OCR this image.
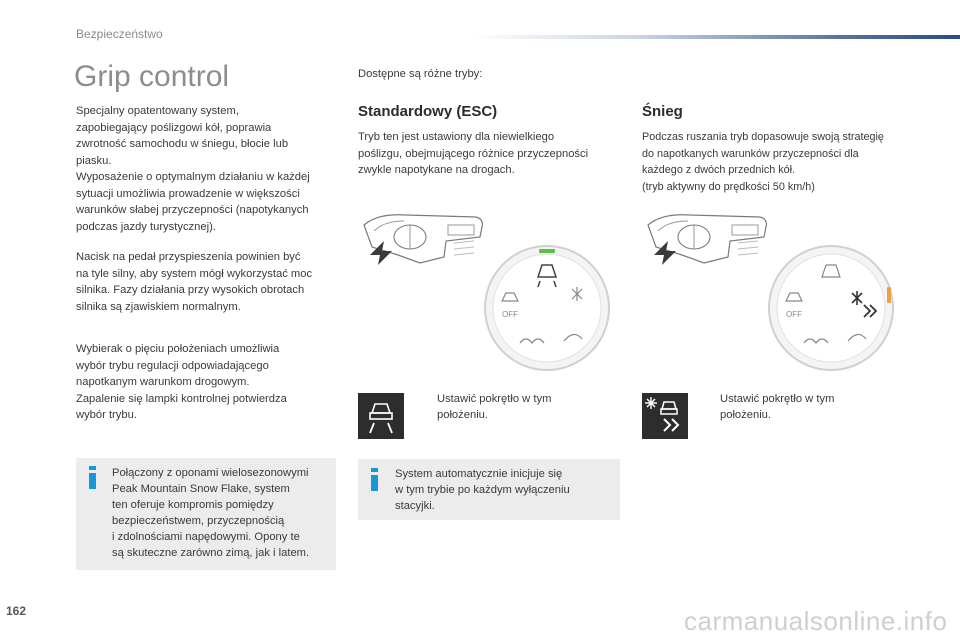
Bezpieczeństwo
Grip control

Specjalny opatentowany system,

zapobiegający poślizgowi kół, poprawia

zwrotność samochodu w śniegu, błocie lub

piasku.

Wyposażenie o optymalnym działaniu w każdej

sytuacji umożliwia prowadzenie w większości

warunków słabej przyczepności (napotykanych

podczas jazdy turystycznej).

Nacisk na pedał przyspieszenia powinien być

na tyle silny, aby system mógł wykorzystać moc

silnika. Fazy działania przy wysokich obrotach

silnika są zjawiskiem normalnym.

Wybierak o pięciu położeniach umożliwia

wybór trybu regulacji odpowiadającego

napotkanym warunkom drogowym.

Zapalenie się lampki kontrolnej potwierdza

wybór trybu.

Połączony z oponami wielosezonowymi
Peak Mountain Snow Flake, system
ten oferuje kompromis pomiędzy
bezpieczeństwem, przyczepnością
i zdolnościami napędowymi. Opony te
są skuteczne zarówno zimą, jak i latem.
Dostępne są różne tryby:
Standardowy (ESC)

Tryb ten jest ustawiony dla niewielkiego

poślizgu, obejmującego różnice przyczepności

zwykle napotykane na drogach.

OFF
Ustawić pokrętło w tym
położeniu.
System automatycznie inicjuje się
w tym trybie po każdym wyłączeniu
stacyjki.
Śnieg

Podczas ruszania tryb dopasowuje swoją strategię

do napotkanych warunków przyczepności dla

każdego z dwóch przednich kół.

(tryb aktywny do prędkości 50 km/h)

OFF
Ustawić pokrętło w tym
położeniu.
162	carmanualsonline.info
